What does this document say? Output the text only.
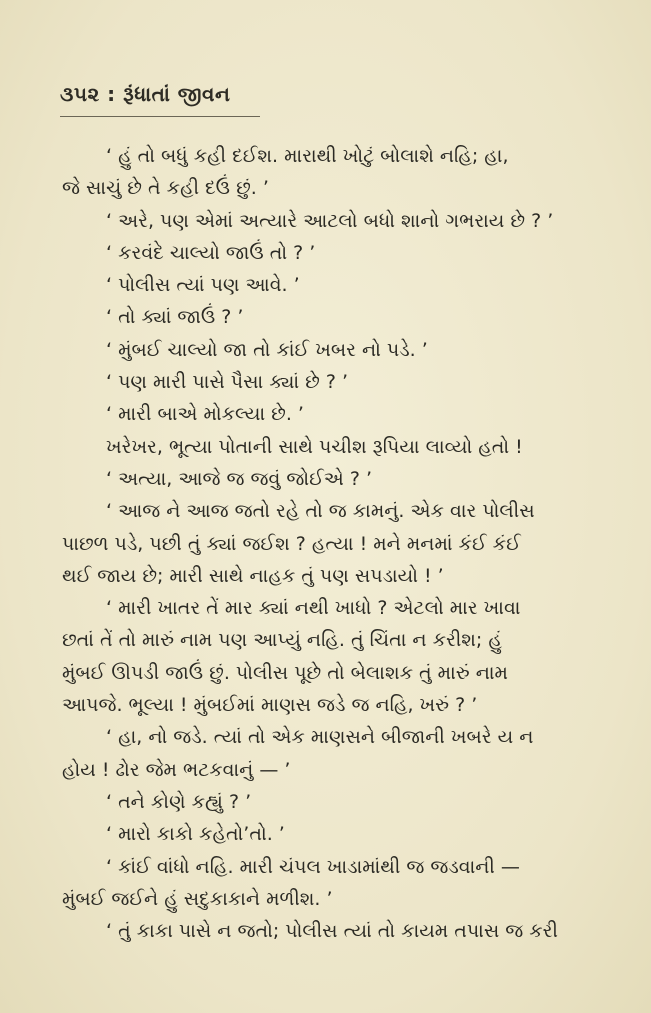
૩૫૨ : રૂંધાતાં જીવન
‘ હું તો બધું કહી દઈશ. મારાથી ખોટું બોલાશે નહિ; હા,
જે સાચું છે તે કહી દઉં છું. ’
‘ અરે, પણ એમાં અત્યારે આટલો બધો શાનો ગભરાય છે ? ’
‘ કરવંદે ચાલ્યો જાઉં તો ? ’
‘ પોલીસ ત્યાં પણ આવે. ’
‘ તો ક્યાં જાઉં ? ’
‘ મુંબઈ ચાલ્યો જા તો કાંઈ ખબર નો પડે. ’
‘ પણ મારી પાસે પૈસા ક્યાં છે ? ’
‘ મારી બાએ મોકલ્યા છે. ’
ખરેખર, ભૂત્યા પોતાની સાથે પચીશ રૂપિયા લાવ્યો હતો !
‘ અત્યા, આજે જ જવું જોઈએ ? ’
‘ આજ ને આજ જતો રહે તો જ કામનું. એક વાર પોલીસ
પાછળ પડે, પછી તું ક્યાં જઈશ ? હત્યા ! મને મનમાં કંઈ કંઈ
થઈ જાય છે; મારી સાથે નાહક તું પણ સપડાયો ! ’
‘ મારી ખાતર તેં માર ક્યાં નથી ખાધો ? એટલો માર ખાવા
છતાં તેં તો મારું નામ પણ આપ્યું નહિ. તું ચિંતા ન કરીશ; હું
મુંબઈ ઊપડી જાઉં છું. પોલીસ પૂછે તો બેલાશક તું મારું નામ
આપજે. ભૂલ્યા ! મુંબઈમાં માણસ જડે જ નહિ, ખરું ? ’
‘ હા, નો જડે. ત્યાં તો એક માણસને બીજાની ખબરે ય ન
હોય ! ઢોર જેમ ભટકવાનું — ’
‘ તને કોણે કહ્યું ? ’
‘ મારો કાકો કહેતો’તો. ’
‘ કાંઈ વાંધો નહિ. મારી ચંપલ ખાડામાંથી જ જડવાની —
મુંબઈ જઈને હું સદુકાકાને મળીશ. ’
‘ તું કાકા પાસે ન જતો; પોલીસ ત્યાં તો કાયમ તપાસ જ કરી
